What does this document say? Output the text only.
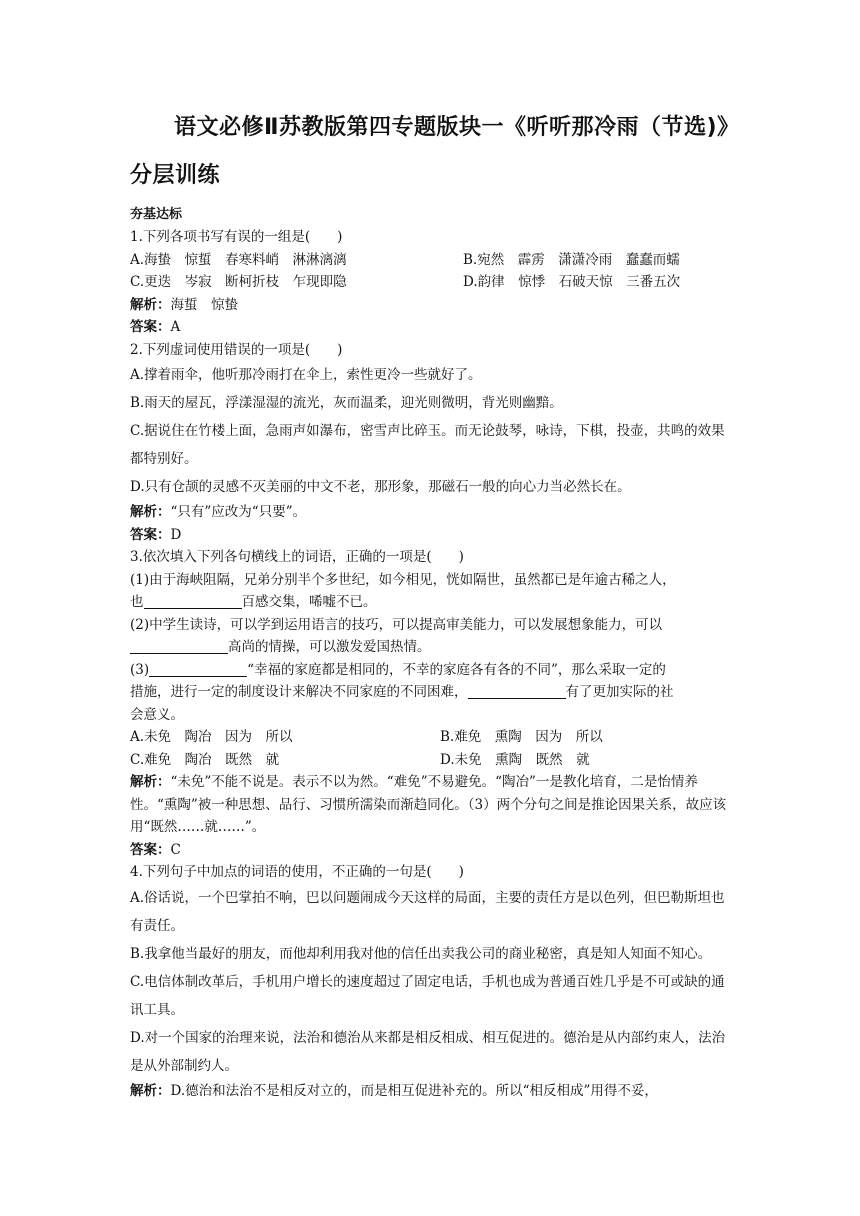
语文必修Ⅱ苏教版第四专题版块一《听听那冷雨（节选)》分层训练
夯基达标
1.下列各项书写有误的一组是(　　)
A.海蛰　惊蜇　春寒料峭　淋淋漓漓	B.宛然　霹雳　潇潇冷雨　蠢蠢而蠕
C.更迭　岑寂　断柯折枝　乍现即隐	D.韵律　惊悸　石破天惊　三番五次
解析：海蜇　惊蛰
答案：A
2.下列虚词使用错误的一项是(　　)
A.撑着雨伞，他听那冷雨打在伞上，索性更冷一些就好了。
B.雨天的屋瓦，浮漾湿湿的流光，灰而温柔，迎光则微明，背光则幽黯。
C.据说住在竹楼上面，急雨声如瀑布，密雪声比碎玉。而无论鼓琴，咏诗，下棋，投壶，共鸣的效果都特别好。
D.只有仓颉的灵感不灭美丽的中文不老，那形象，那磁石一般的向心力当必然长在。
解析：“只有”应改为“只要”。
答案：D
3.依次填入下列各句横线上的词语，正确的一项是(　　)
(1)由于海峡阻隔，兄弟分别半个多世纪，如今相见，恍如隔世，虽然都已是年逾古稀之人，
也	百感交集，唏嘘不已。
(2)中学生读诗，可以学到运用语言的技巧，可以提高审美能力，可以发展想象能力，可以
高尚的情操，可以激发爱国热情。
(3)	“幸福的家庭都是相同的，不幸的家庭各有各的不同”，那么采取一定的
措施，进行一定的制度设计来解决不同家庭的不同困难，	有了更加实际的社
会意义。
A.未免　陶冶　因为　所以	B.难免　熏陶　因为　所以
C.难免　陶冶　既然　就	D.未免　熏陶　既然　就
解析：“未免”不能不说是。表示不以为然。“难免”不易避免。“陶冶”一是教化培育，二是怡情养性。“熏陶”被一种思想、品行、习惯所濡染而渐趋同化。（3）两个分句之间是推论因果关系，故应该用“既然……就……”。
答案：C
4.下列句子中加点的词语的使用，不正确的一句是(　　)
A.俗话说，一个巴掌拍不响，巴以问题闹成今天这样的局面，主要的责任方是以色列，但巴勒斯坦也有责任。
B.我拿他当最好的朋友，而他却利用我对他的信任出卖我公司的商业秘密，真是知人知面不知心。
C.电信体制改革后，手机用户增长的速度超过了固定电话，手机也成为普通百姓几乎是不可或缺的通讯工具。
D.对一个国家的治理来说，法治和德治从来都是相反相成、相互促进的。德治是从内部约束人，法治是从外部制约人。
解析：D.德治和法治不是相反对立的，而是相互促进补充的。所以“相反相成”用得不妥，
